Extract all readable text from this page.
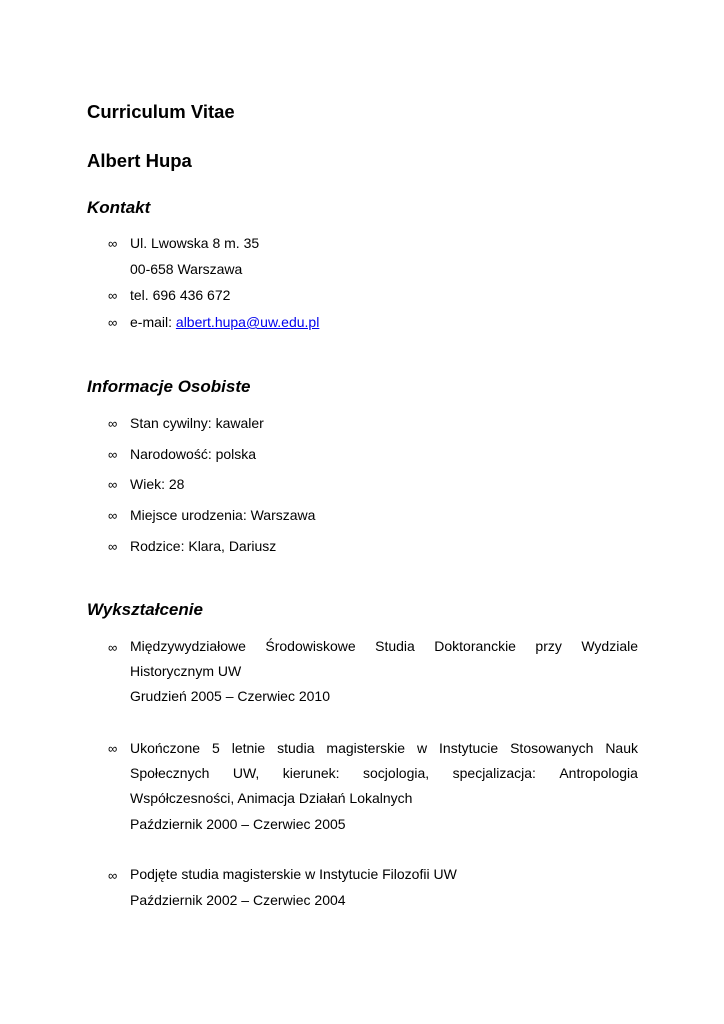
Curriculum Vitae
Albert Hupa
Kontakt
∞ Ul. Lwowska 8 m. 35
00-658 Warszawa
∞ tel. 696 436 672
∞ e-mail: albert.hupa@uw.edu.pl
Informacje Osobiste
∞ Stan cywilny: kawaler
∞ Narodowość: polska
∞ Wiek: 28
∞ Miejsce urodzenia: Warszawa
∞ Rodzice: Klara, Dariusz
Wykształcenie
∞ Międzywydziałowe Środowiskowe Studia Doktoranckie przy Wydziale
Historycznym UW
Grudzień 2005 – Czerwiec 2010
∞ Ukończone 5 letnie studia magisterskie w Instytucie Stosowanych Nauk
Społecznych UW, kierunek: socjologia, specjalizacja: Antropologia
Współczesności, Animacja Działań Lokalnych
Październik 2000 – Czerwiec 2005
∞ Podjęte studia magisterskie w Instytucie Filozofii UW
Październik 2002 – Czerwiec 2004
